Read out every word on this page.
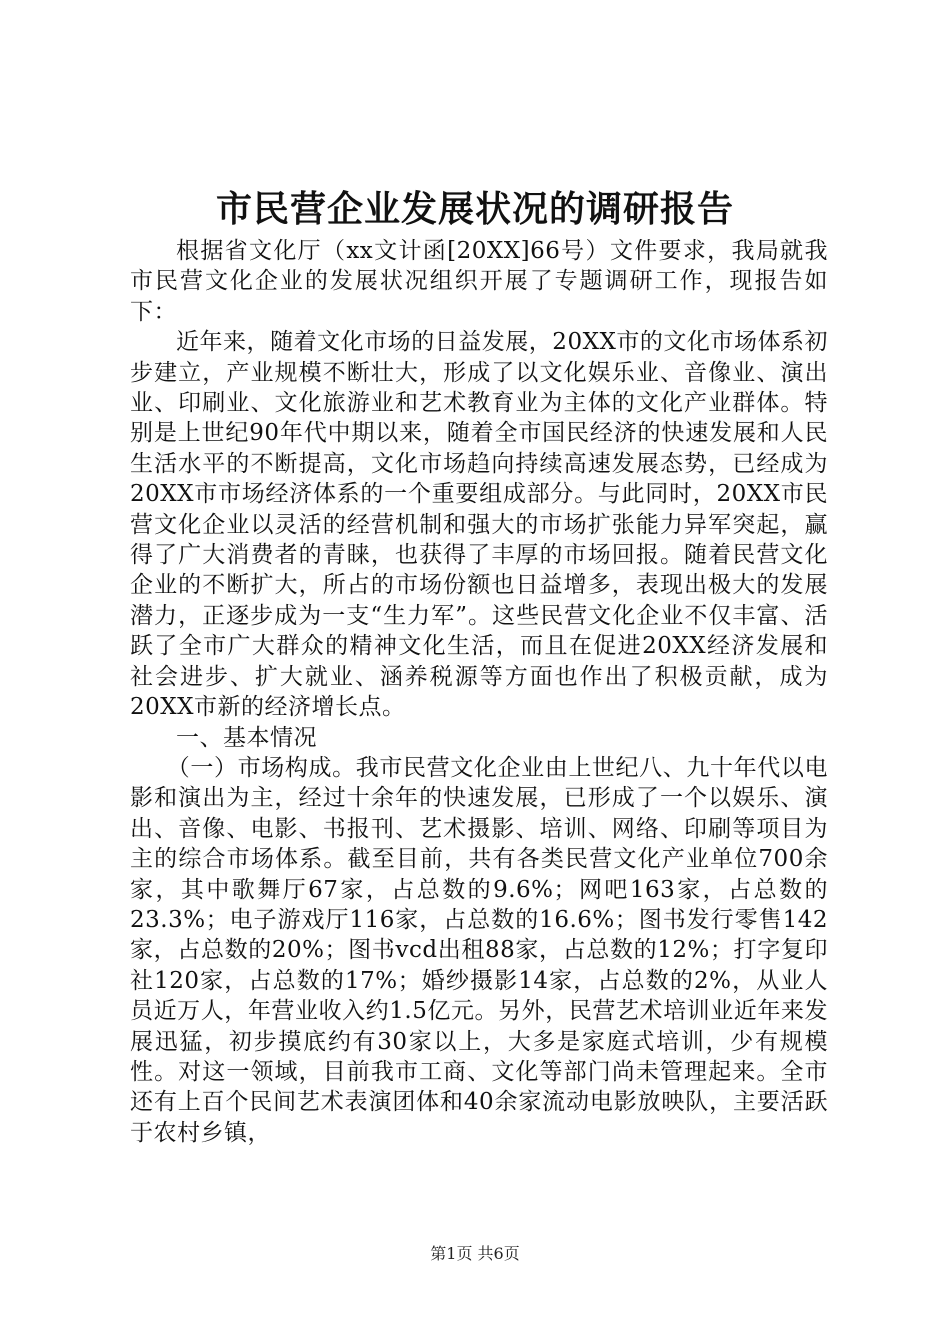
市民营企业发展状况的调研报告

根据省文化厅（xx文计函[20XX]66号）文件要求，我局就我市民营文化企业的发展状况组织开展了专题调研工作，现报告如下：

近年来，随着文化市场的日益发展，20XX市的文化市场体系初步建立，产业规模不断壮大，形成了以文化娱乐业、音像业、演出业、印刷业、文化旅游业和艺术教育业为主体的文化产业群体。特别是上世纪90年代中期以来，随着全市国民经济的快速发展和人民生活水平的不断提高，文化市场趋向持续高速发展态势，已经成为20XX市市场经济体系的一个重要组成部分。与此同时，20XX市民营文化企业以灵活的经营机制和强大的市场扩张能力异军突起，赢得了广大消费者的青睐，也获得了丰厚的市场回报。随着民营文化企业的不断扩大，所占的市场份额也日益增多，表现出极大的发展潜力，正逐步成为一支“生力军”。这些民营文化企业不仅丰富、活跃了全市广大群众的精神文化生活，而且在促进20XX经济发展和社会进步、扩大就业、涵养税源等方面也作出了积极贡献，成为20XX市新的经济增长点。

一、基本情况

（一）市场构成。我市民营文化企业由上世纪八、九十年代以电影和演出为主，经过十余年的快速发展，已形成了一个以娱乐、演出、音像、电影、书报刊、艺术摄影、培训、网络、印刷等项目为主的综合市场体系。截至目前，共有各类民营文化产业单位700余家，其中歌舞厅67家，占总数的9.6%；网吧163家，占总数的23.3%；电子游戏厅116家，占总数的16.6%；图书发行零售142家，占总数的20%；图书vcd出租88家，占总数的12%；打字复印社120家，占总数的17%；婚纱摄影14家，占总数的2%，从业人员近万人，年营业收入约1.5亿元。另外，民营艺术培训业近年来发展迅猛，初步摸底约有30家以上，大多是家庭式培训，少有规模性。对这一领域，目前我市工商、文化等部门尚未管理起来。全市还有上百个民间艺术表演团体和40余家流动电影放映队，主要活跃于农村乡镇，

第1页 共6页
